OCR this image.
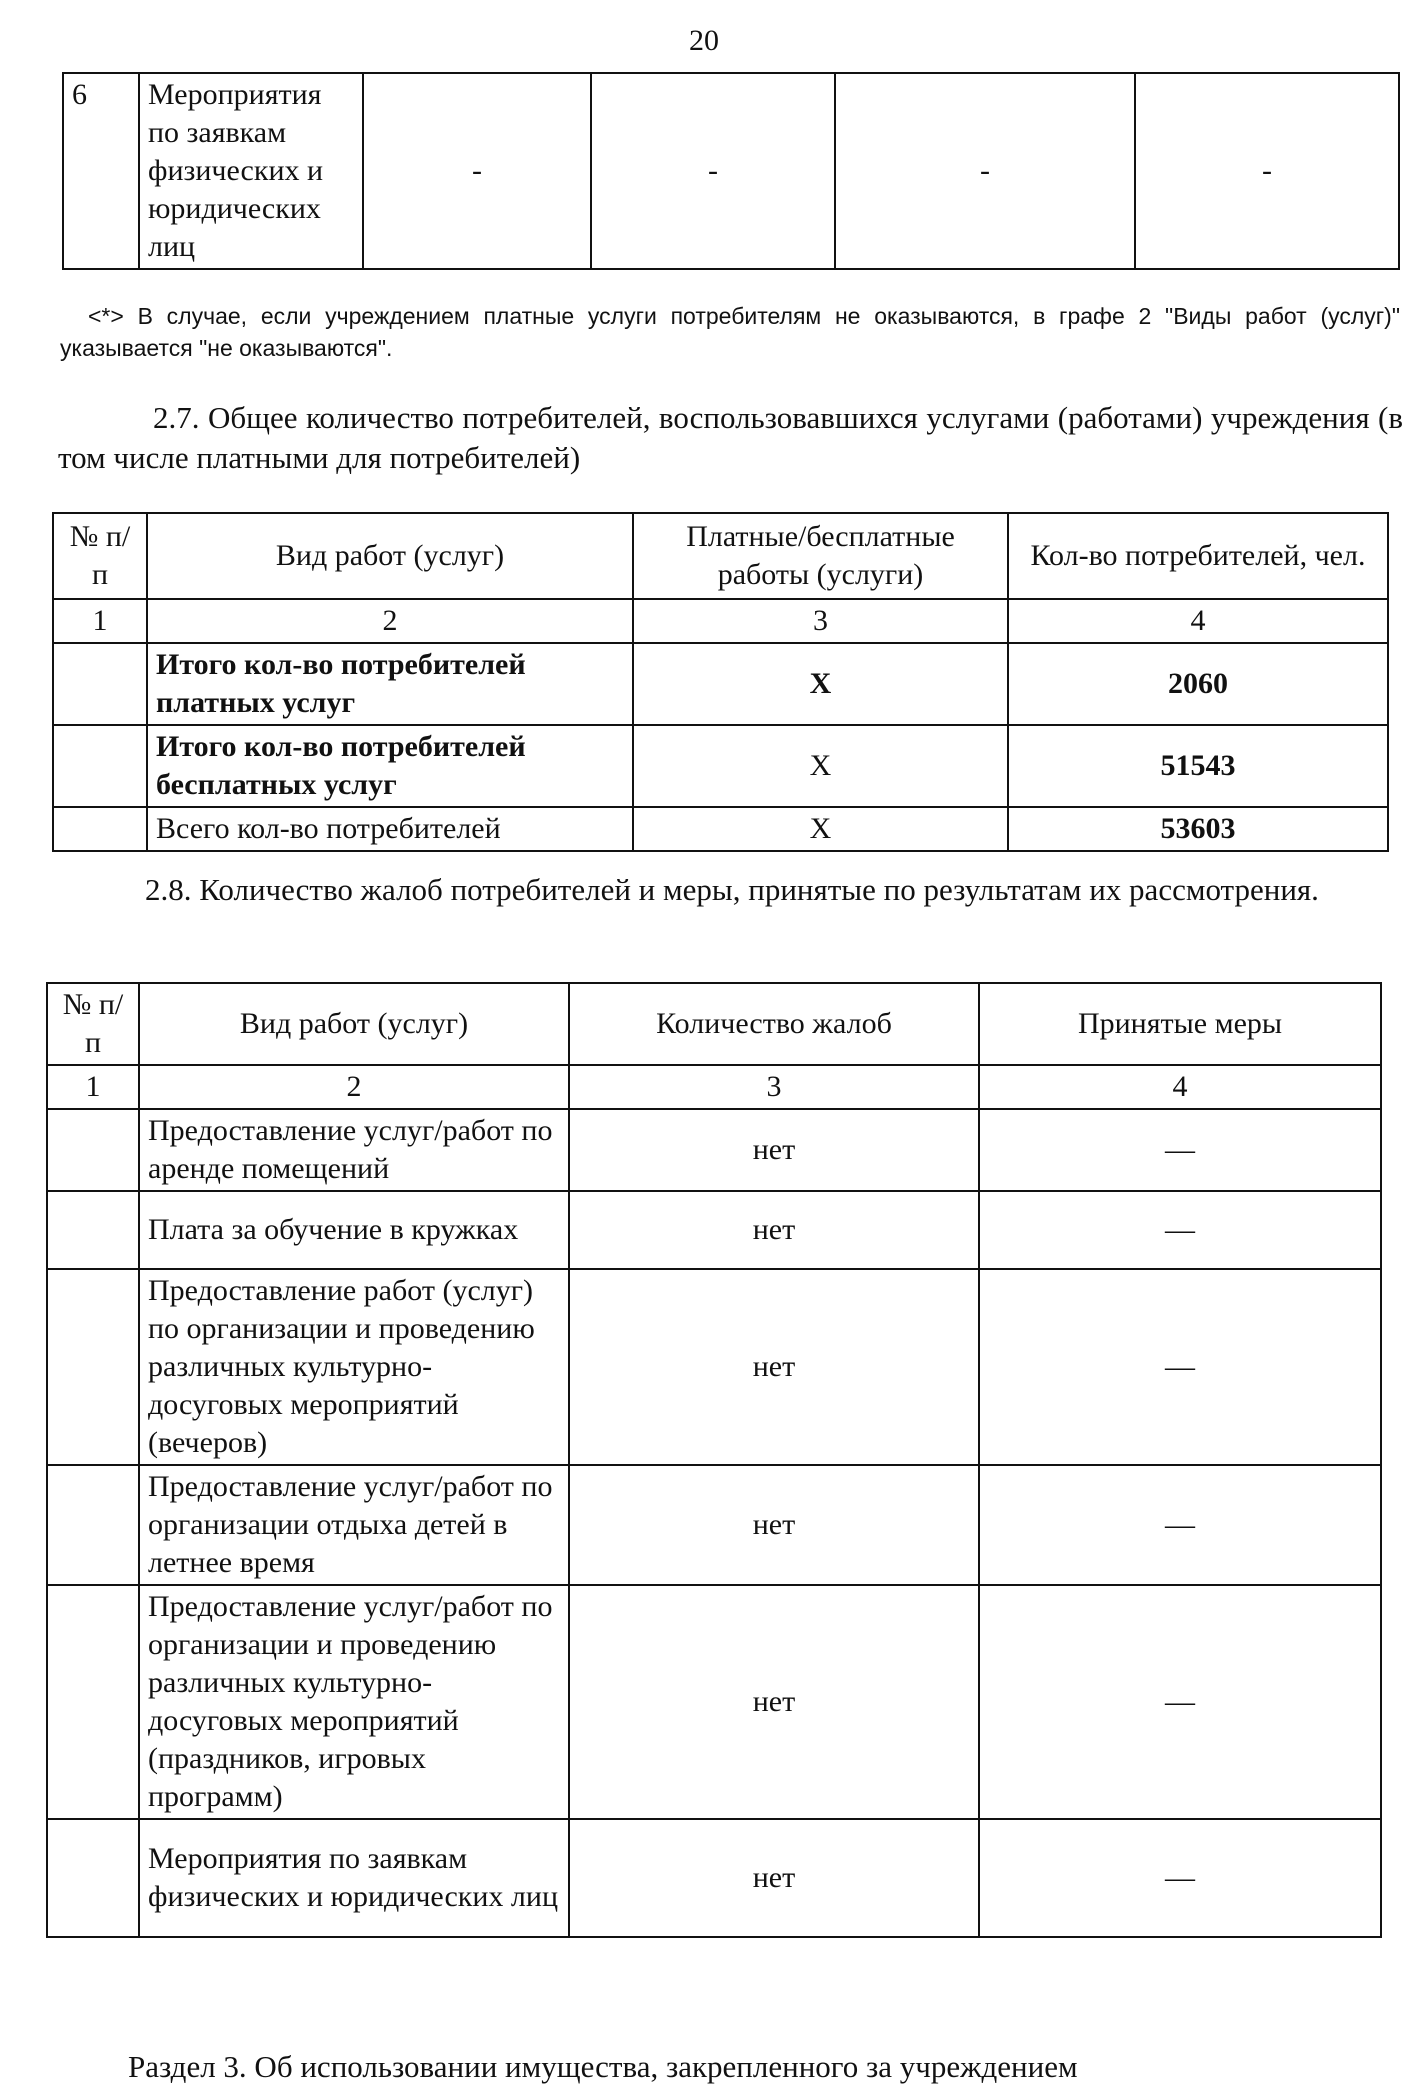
20
6	Мероприятия по заявкам физических и юридических лиц	-	-	-	-
<*> В случае, если учреждением платные услуги потребителям не оказываются, в графе 2 "Виды работ (услуг)" указывается "не оказываются".
2.7. Общее количество потребителей, воспользовавшихся услугами (работами) учреждения (в том числе платными для потребителей)
№ п/п	Вид работ (услуг)	Платные/бесплатные работы (услуги)	Кол-во потребителей, чел.
1	2	3	4
	Итого кол-во потребителей платных услуг	X	2060
	Итого кол-во потребителей бесплатных услуг	X	51543
	Всего кол-во потребителей	X	53603
2.8. Количество жалоб потребителей и меры, принятые по результатам их рассмотрения.
№ п/п	Вид работ (услуг)	Количество жалоб	Принятые меры
1	2	3	4
	Предоставление услуг/работ по аренде помещений	нет	—
	Плата за обучение в кружках	нет	—
	Предоставление работ (услуг) по организации и проведению различных культурно-досуговых мероприятий (вечеров)	нет	—
	Предоставление услуг/работ по организации отдыха детей в летнее время	нет	—
	Предоставление услуг/работ по организации и проведению различных культурно-досуговых мероприятий (праздников, игровых программ)	нет	—
	Мероприятия по заявкам физических и юридических лиц	нет	—
Раздел 3. Об использовании имущества, закрепленного за учреждением
